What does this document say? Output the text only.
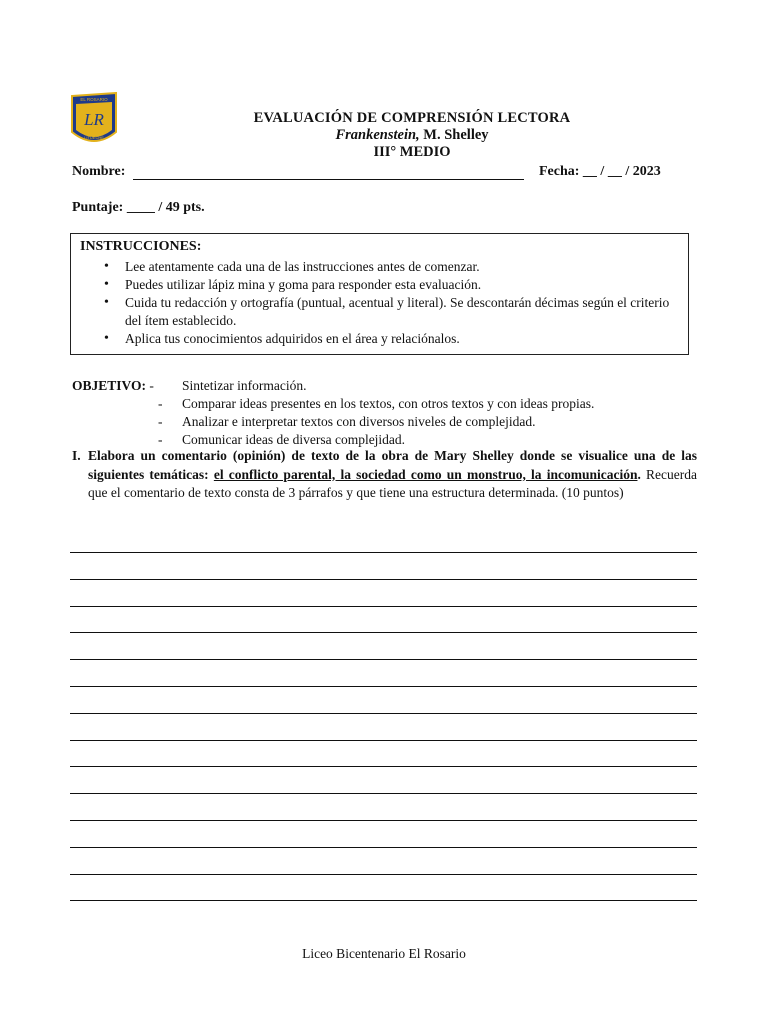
EL ROSARIO
LR
LITUECHE
EVALUACIÓN DE COMPRENSIÓN LECTORA
Frankenstein, M. Shelley
III° MEDIO
Nombre:	Fecha: __ / __ / 2023
Puntaje: ____ / 49 pts.
INSTRUCCIONES:
• Lee atentamente cada una de las instrucciones antes de comenzar.
• Puedes utilizar lápiz mina y goma para responder esta evaluación.
• Cuida tu redacción y ortografía (puntual, acentual y literal). Se descontarán décimas según el criterio del ítem establecido.
• Aplica tus conocimientos adquiridos en el área y relaciónalos.
OBJETIVO: - Sintetizar información.
- Comparar ideas presentes en los textos, con otros textos y con ideas propias.
- Analizar e interpretar textos con diversos niveles de complejidad.
- Comunicar ideas de diversa complejidad.
I. Elabora un comentario (opinión) de texto de la obra de Mary Shelley donde se visualice una de las siguientes temáticas: el conflicto parental, la sociedad como un monstruo, la incomunicación. Recuerda que el comentario de texto consta de 3 párrafos y que tiene una estructura determinada. (10 puntos)
Liceo Bicentenario El Rosario
